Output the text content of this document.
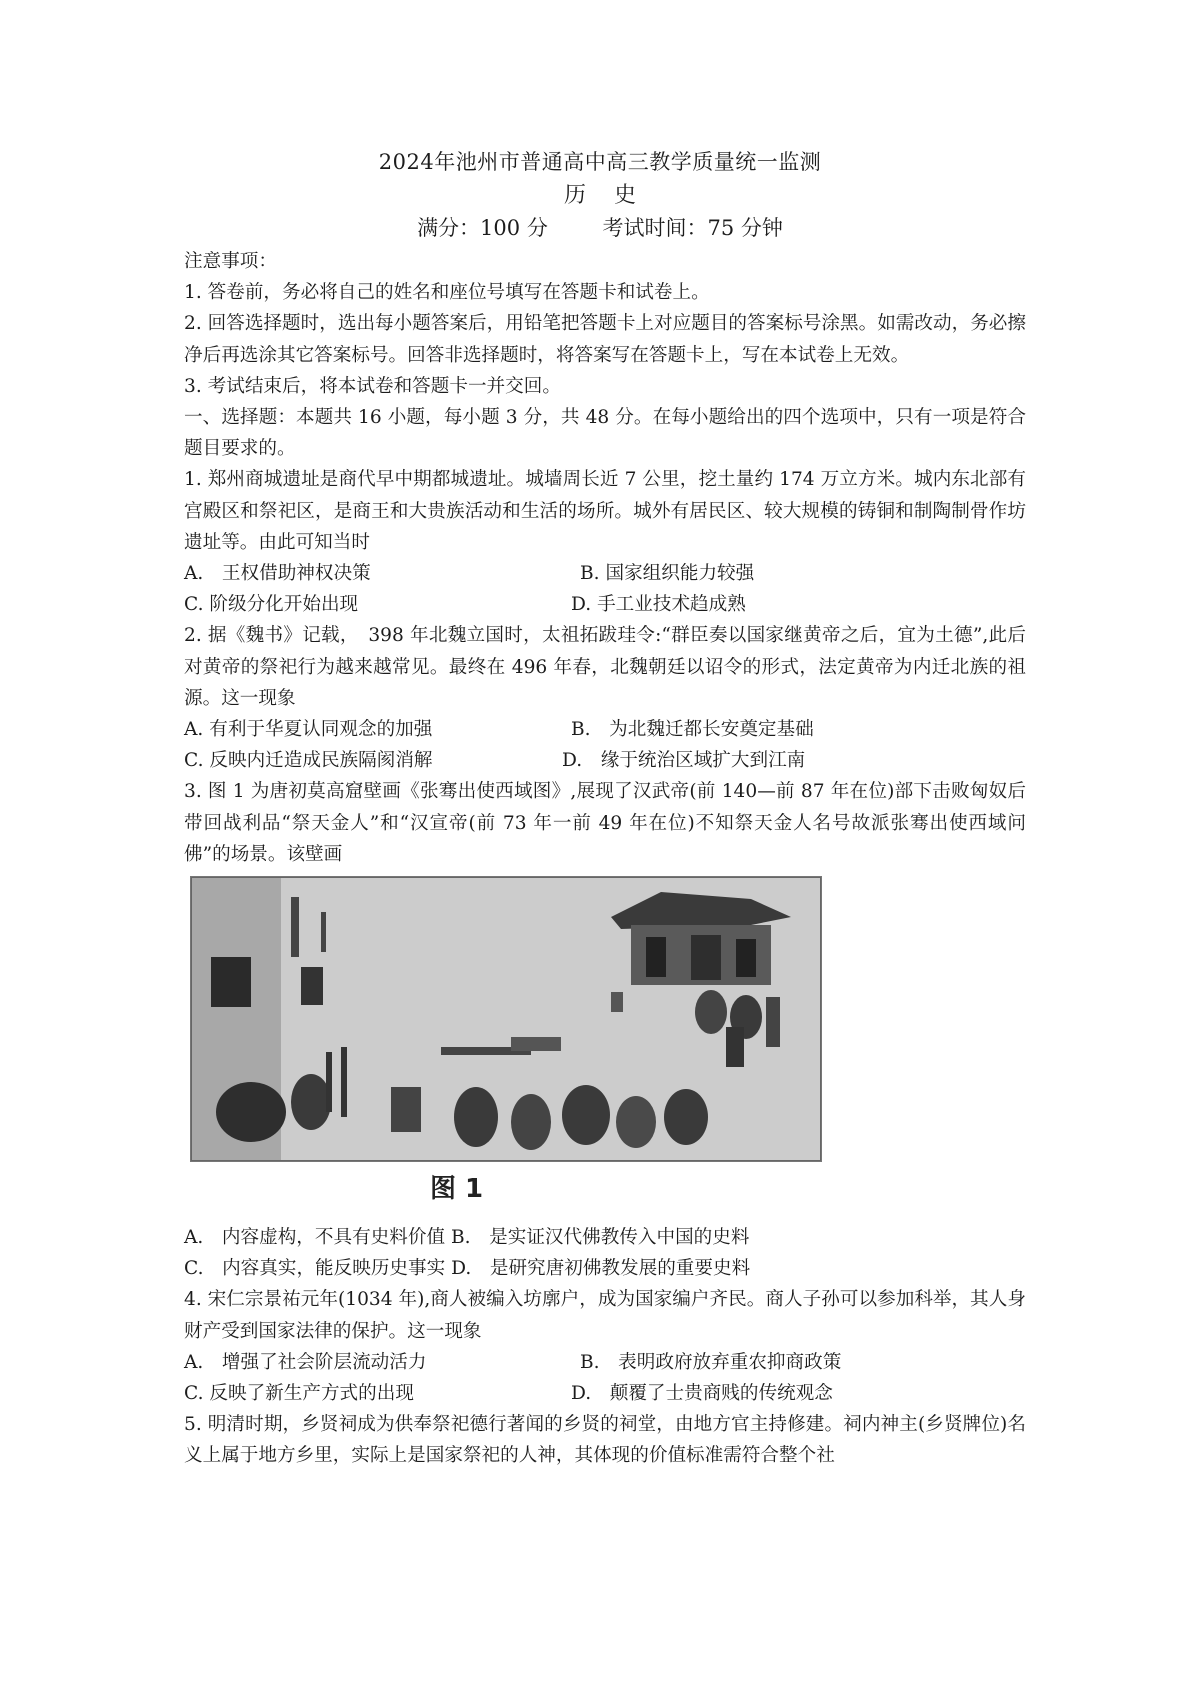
2024年池州市普通高中高三教学质量统一监测
历 史
满分：100 分	考试时间：75 分钟

注意事项：

1. 答卷前，务必将自己的姓名和座位号填写在答题卡和试卷上。

2. 回答选择题时，选出每小题答案后，用铅笔把答题卡上对应题目的答案标号涂黑。如需改动，务必擦净后再选涂其它答案标号。回答非选择题时，将答案写在答题卡上，写在本试卷上无效。

3. 考试结束后，将本试卷和答题卡一并交回。

一、选择题：本题共 16 小题，每小题 3 分，共 48 分。在每小题给出的四个选项中，只有一项是符合题目要求的。

1. 郑州商城遗址是商代早中期都城遗址。城墙周长近 7 公里，挖土量约 174 万立方米。城内东北部有宫殿区和祭祀区，是商王和大贵族活动和生活的场所。城外有居民区、较大规模的铸铜和制陶制骨作坊遗址等。由此可知当时

A.　王权借助神权决策	B. 国家组织能力较强
C. 阶级分化开始出现	D. 手工业技术趋成熟

2. 据《魏书》记载，　398 年北魏立国时，太祖拓跋珪令:“群臣奏以国家继黄帝之后，宜为土德”,此后对黄帝的祭祀行为越来越常见。最终在 496 年春，北魏朝廷以诏令的形式，法定黄帝为内迁北族的祖源。这一现象

A. 有利于华夏认同观念的加强	B.　为北魏迁都长安奠定基础
C. 反映内迁造成民族隔阂消解	D.　缘于统治区域扩大到江南

3. 图 1 为唐初莫高窟壁画《张骞出使西域图》,展现了汉武帝(前 140—前 87 年在位)部下击败匈奴后带回战利品“祭天金人”和“汉宣帝(前 73 年一前 49 年在位)不知祭天金人名号故派张骞出使西域问佛”的场景。该壁画

图 1
A.　内容虚构，不具有史料价值 B.　是实证汉代佛教传入中国的史料
C.　内容真实，能反映历史事实 D.　是研究唐初佛教发展的重要史料

4. 宋仁宗景祐元年(1034 年),商人被编入坊廓户，成为国家编户齐民。商人子孙可以参加科举，其人身财产受到国家法律的保护。这一现象

A.　增强了社会阶层流动活力	B.　表明政府放弃重农抑商政策
C. 反映了新生产方式的出现	D.　颠覆了士贵商贱的传统观念

5. 明清时期，乡贤祠成为供奉祭祀德行著闻的乡贤的祠堂，由地方官主持修建。祠内神主(乡贤牌位)名义上属于地方乡里，实际上是国家祭祀的人神，其体现的价值标准需符合整个社
